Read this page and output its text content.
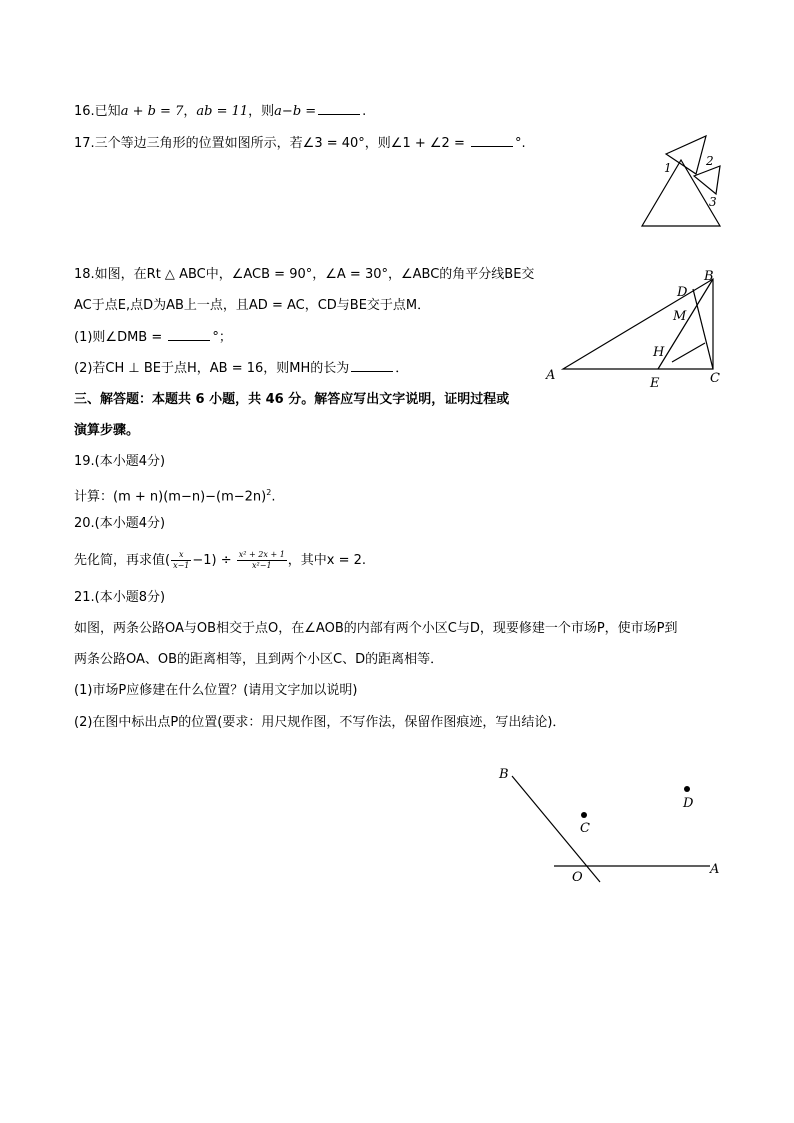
16.已知a + b = 7，ab = 11，则a−b =	.
17.三个等边三角形的位置如图所示，若∠3 = 40°，则∠1 + ∠2 =	°.
1	2
3
18.如图，在Rt △ ABC中，∠ACB = 90°，∠A = 30°，∠ABC的角平分线BE交
AC于点E,点D为AB上一点，且AD = AC，CD与BE交于点M．
(1)则∠DMB =	°；
(2)若CH ⊥ BE于点H，AB = 16，则MH的长为	．	A
B
C
D
E
M
H
三、解答题：本题共 6 小题，共 46 分。解答应写出文字说明，证明过程或
演算步骤。
19.(本小题4分)
计算：$(m + n)(m-n)-(m-2n)^2$.
20.(本小题4分)
先化简，再求值( $\frac{x}{x-1} -1) \div \frac{\text{x² + 2x + 1}}{\text{x²−1}}$ ，其中x = 2.
21.(本小题8分)
如图，两条公路OA与OB相交于点O，在∠AOB的内部有两个小区C与D，现要修建一个市场P，使市场P到
两条公路OA、OB的距离相等，且到两个小区C、D的距离相等．
(1)市场P应修建在什么位置？(请用文字加以说明)
(2)在图中标出点P的位置(要求：用尺规作图，不写作法，保留作图痕迹，写出结论)．
B
C
D
O
A
